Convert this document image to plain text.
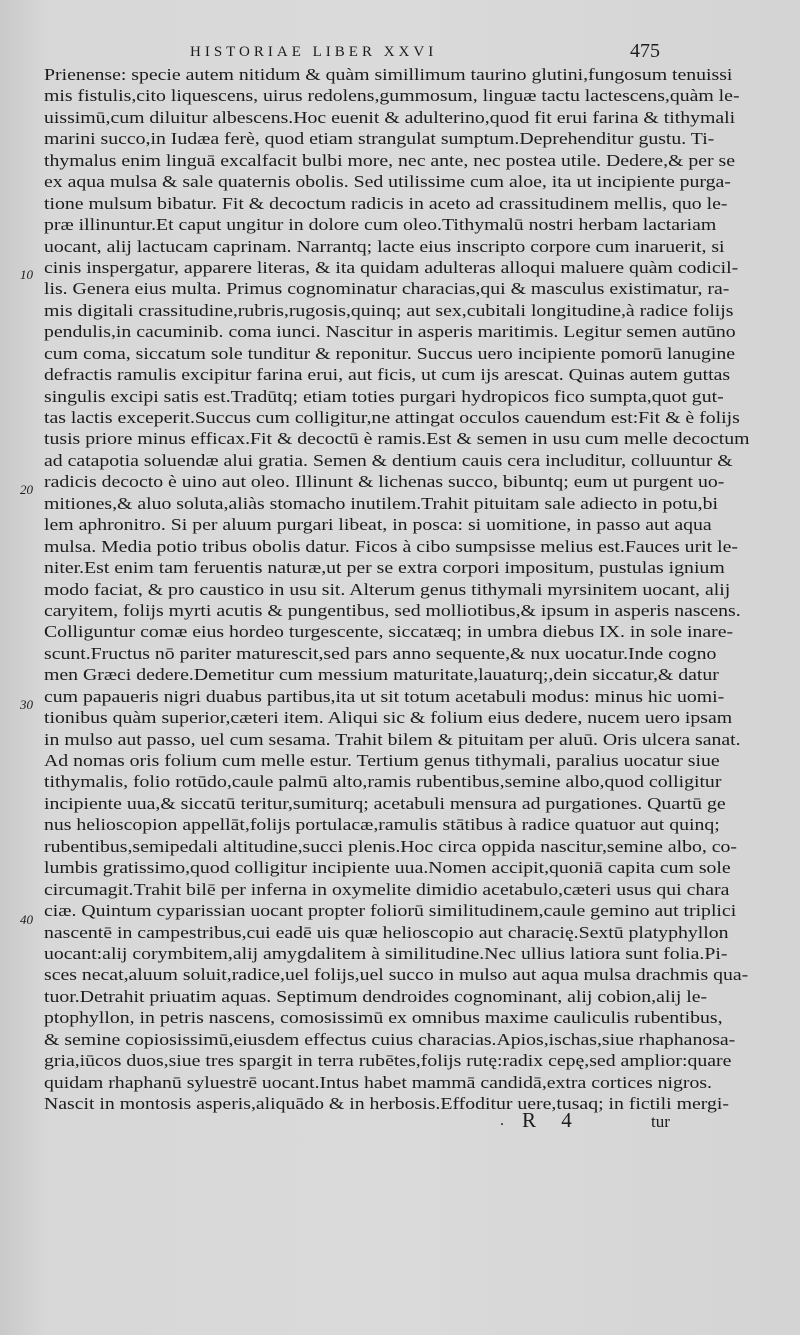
HISTORIAE LIBER XXVI	475
Prienense: specie autem nitidum & quàm simillimum taurino glutini,fungosum tenuissi
mis fistulis,cito liquescens, uirus redolens,gummosum, linguæ tactu lactescens,quàm le-
uissimū,cum diluitur albescens.Hoc euenit & adulterino,quod fit erui farina & tithymali
marini succo,in Iudæa ferè, quod etiam strangulat sumptum.Deprehenditur gustu. Ti-
thymalus enim linguā excalfacit bulbi more, nec ante, nec postea utile. Dedere,& per se
ex aqua mulsa & sale quaternis obolis. Sed utilissime cum aloe, ita ut incipiente purga-
tione mulsum bibatur. Fit & decoctum radicis in aceto ad crassitudinem mellis, quo le-
præ illinuntur.Et caput ungitur in dolore cum oleo.Tithymalū nostri herbam lactariam
uocant, alij lactucam caprinam. Narrantq; lacte eius inscripto corpore cum inaruerit, si
cinis inspergatur, apparere literas, & ita quidam adulteras alloqui maluere quàm codicil-
lis. Genera eius multa. Primus cognominatur characias,qui & masculus existimatur, ra-
mis digitali crassitudine,rubris,rugosis,quinq; aut sex,cubitali longitudine,à radice folijs
pendulis,in cacuminib. coma iunci. Nascitur in asperis maritimis. Legitur semen autūno
cum coma, siccatum sole tunditur & reponitur. Succus uero incipiente pomorū lanugine
defractis ramulis excipitur farina erui, aut ficis, ut cum ijs arescat. Quinas autem guttas
singulis excipi satis est.Tradūtq; etiam toties purgari hydropicos fico sumpta,quot gut-
tas lactis exceperit.Succus cum colligitur,ne attingat occulos cauendum est:Fit & è folijs
tusis priore minus efficax.Fit & decoctū è ramis.Est & semen in usu cum melle decoctum
ad catapotia soluendæ alui gratia. Semen & dentium cauis cera includitur, colluuntur &
radicis decocto è uino aut oleo. Illinunt & lichenas succo, bibuntq; eum ut purgent uo-
mitiones,& aluo soluta,aliàs stomacho inutilem.Trahit pituitam sale adiecto in potu,bi
lem aphronitro. Si per aluum purgari libeat, in posca: si uomitione, in passo aut aqua
mulsa. Media potio tribus obolis datur. Ficos à cibo sumpsisse melius est.Fauces urit le-
niter.Est enim tam feruentis naturæ,ut per se extra corpori impositum, pustulas ignium
modo faciat, & pro caustico in usu sit. Alterum genus tithymali myrsinitem uocant, alij
caryitem, folijs myrti acutis & pungentibus, sed molliotibus,& ipsum in asperis nascens.
Colliguntur comæ eius hordeo turgescente, siccatæq; in umbra diebus IX. in sole inare-
scunt.Fructus nō pariter maturescit,sed pars anno sequente,& nux uocatur.Inde cogno
men Græci dedere.Demetitur cum messium maturitate,lauaturq;,dein siccatur,& datur
cum papaueris nigri duabus partibus,ita ut sit totum acetabuli modus: minus hic uomi-
tionibus quàm superior,cæteri item. Aliqui sic & folium eius dedere, nucem uero ipsam
in mulso aut passo, uel cum sesama. Trahit bilem & pituitam per aluū. Oris ulcera sanat.
Ad nomas oris folium cum melle estur. Tertium genus tithymali, paralius uocatur siue
tithymalis, folio rotūdo,caule palmū alto,ramis rubentibus,semine albo,quod colligitur
incipiente uua,& siccatū teritur,sumiturq; acetabuli mensura ad purgationes. Quartū ge
nus helioscopion appellāt,folijs portulacæ,ramulis stātibus à radice quatuor aut quinq;
rubentibus,semipedali altitudine,succi plenis.Hoc circa oppida nascitur,semine albo, co-
lumbis gratissimo,quod colligitur incipiente uua.Nomen accipit,quoniā capita cum sole
circumagit.Trahit bilē per inferna in oxymelite dimidio acetabulo,cæteri usus qui chara
ciæ. Quintum cyparissian uocant propter foliorū similitudinem,caule gemino aut triplici
nascentē in campestribus,cui eadē uis quæ helioscopio aut characię.Sextū platyphyllon
uocant:alij corymbitem,alij amygdalitem à similitudine.Nec ullius latiora sunt folia.Pi-
sces necat,aluum soluit,radice,uel folijs,uel succo in mulso aut aqua mulsa drachmis qua-
tuor.Detrahit priuatim aquas. Septimum dendroides cognominant, alij cobion,alij le-
ptophyllon, in petris nascens, comosissimū ex omnibus maxime cauliculis rubentibus,
& semine copiosissimū,eiusdem effectus cuius characias.Apios,ischas,siue rhaphanosa-
gria,iūcos duos,siue tres spargit in terra rubētes,folijs rutę:radix cepę,sed amplior:quare
quidam rhaphanū syluestrē uocant.Intus habet mammā candidā,extra cortices nigros.
Nascit in montosis asperis,aliquādo & in herbosis.Effoditur uere,tusaq; in fictili mergi-
10
20
30
40
. R 4	tur
